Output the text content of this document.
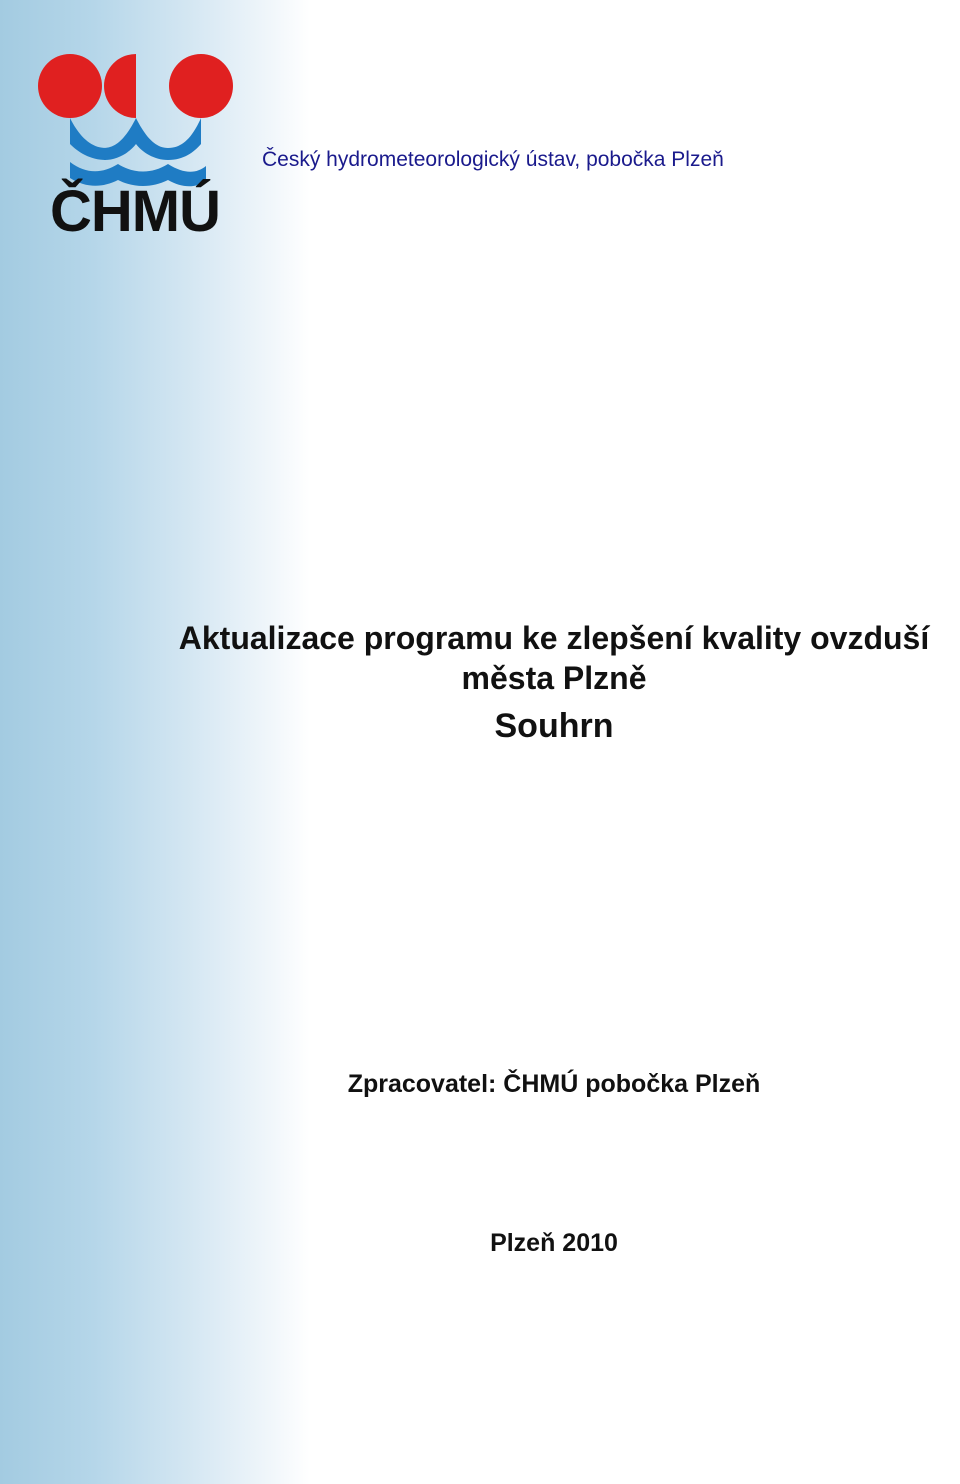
ČHMÚ
Český hydrometeorologický ústav, pobočka Plzeň
Aktualizace programu ke zlepšení kvality ovzduší
města Plzně
Souhrn
Zpracovatel: ČHMÚ pobočka Plzeň
Plzeň 2010
